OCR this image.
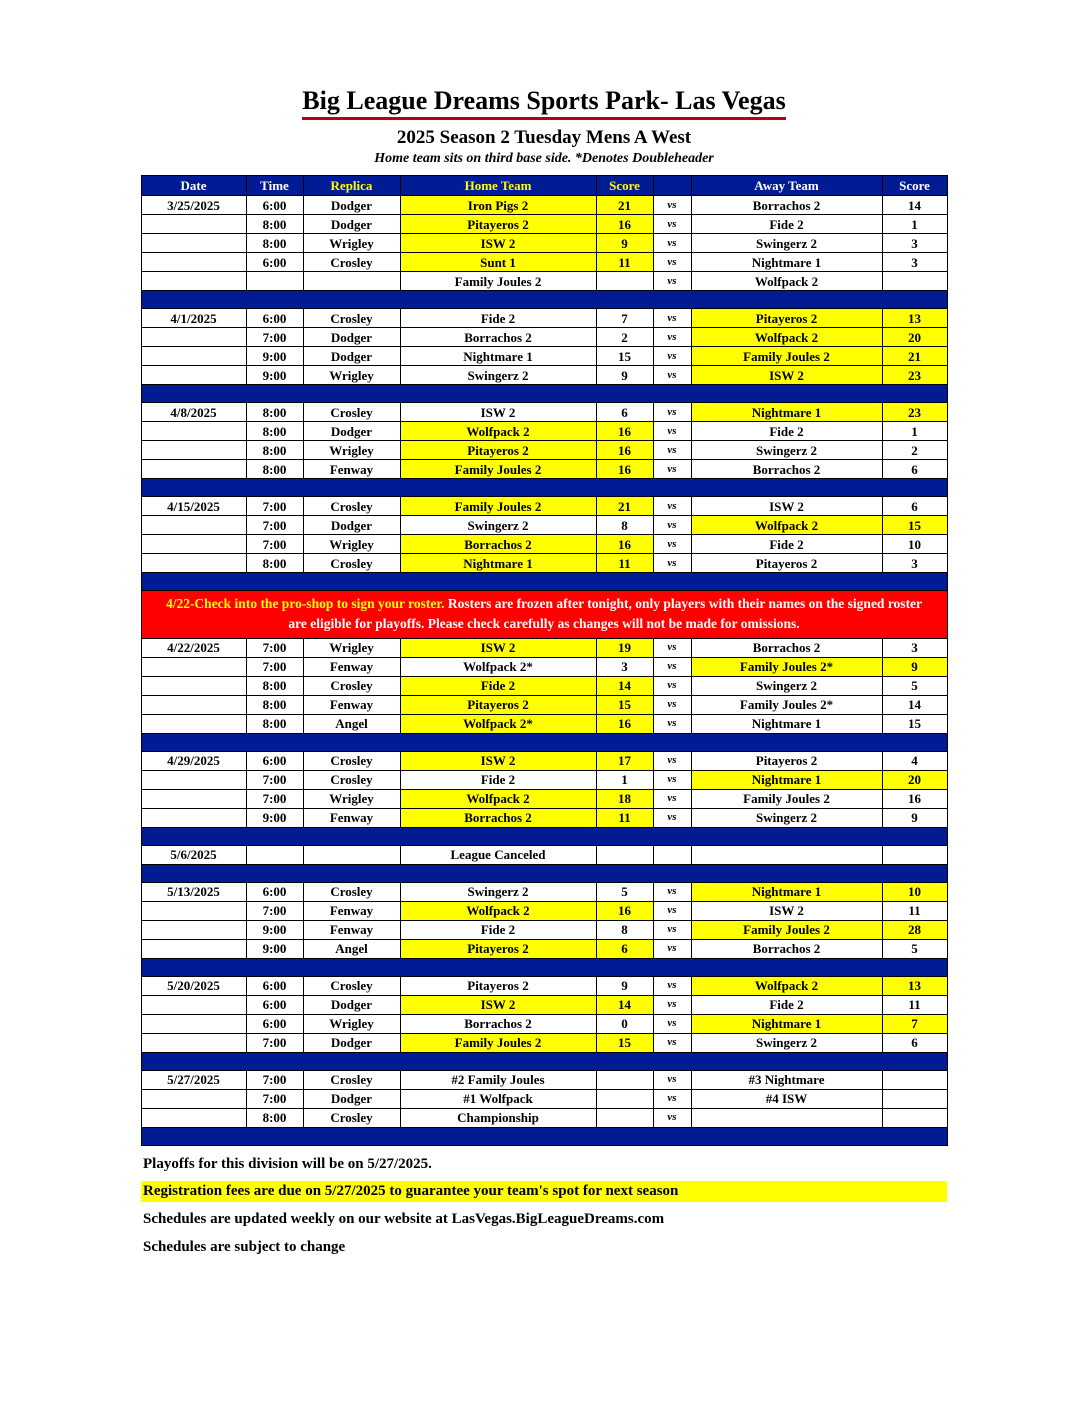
Big League Dreams Sports Park- Las Vegas
2025 Season 2 Tuesday Mens A West
Home team sits on third base side. *Denotes Doubleheader
Date	Time	Replica	Home Team	Score		Away Team	Score
3/25/2025	6:00	Dodger	Iron Pigs 2	21	vs	Borrachos 2	14
	8:00	Dodger	Pitayeros 2	16	vs	Fide 2	1
	8:00	Wrigley	ISW 2	9	vs	Swingerz 2	3
	6:00	Crosley	Sunt 1	11	vs	Nightmare 1	3
			Family Joules 2		vs	Wolfpack 2	

4/1/2025	6:00	Crosley	Fide 2	7	vs	Pitayeros 2	13
	7:00	Dodger	Borrachos 2	2	vs	Wolfpack 2	20
	9:00	Dodger	Nightmare 1	15	vs	Family Joules 2	21
	9:00	Wrigley	Swingerz 2	9	vs	ISW 2	23

4/8/2025	8:00	Crosley	ISW 2	6	vs	Nightmare 1	23
	8:00	Dodger	Wolfpack 2	16	vs	Fide 2	1
	8:00	Wrigley	Pitayeros 2	16	vs	Swingerz 2	2
	8:00	Fenway	Family Joules 2	16	vs	Borrachos 2	6

4/15/2025	7:00	Crosley	Family Joules 2	21	vs	ISW 2	6
	7:00	Dodger	Swingerz 2	8	vs	Wolfpack 2	15
	7:00	Wrigley	Borrachos 2	16	vs	Fide 2	10
	8:00	Crosley	Nightmare 1	11	vs	Pitayeros 2	3

4/22-Check into the pro-shop to sign your roster. Rosters are frozen after tonight, only players with their names on the signed roster are eligible for playoffs. Please check carefully as changes will not be made for omissions.							
4/22/2025	7:00	Wrigley	ISW 2	19	vs	Borrachos 2	3
	7:00	Fenway	Wolfpack 2*	3	vs	Family Joules 2*	9
	8:00	Crosley	Fide 2	14	vs	Swingerz 2	5
	8:00	Fenway	Pitayeros 2	15	vs	Family Joules 2*	14
	8:00	Angel	Wolfpack 2*	16	vs	Nightmare 1	15

4/29/2025	6:00	Crosley	ISW 2	17	vs	Pitayeros 2	4
	7:00	Crosley	Fide 2	1	vs	Nightmare 1	20
	7:00	Wrigley	Wolfpack 2	18	vs	Family Joules 2	16
	9:00	Fenway	Borrachos 2	11	vs	Swingerz 2	9

5/6/2025			League Canceled				

5/13/2025	6:00	Crosley	Swingerz 2	5	vs	Nightmare 1	10
	7:00	Fenway	Wolfpack 2	16	vs	ISW 2	11
	9:00	Fenway	Fide 2	8	vs	Family Joules 2	28
	9:00	Angel	Pitayeros 2	6	vs	Borrachos 2	5

5/20/2025	6:00	Crosley	Pitayeros 2	9	vs	Wolfpack 2	13
	6:00	Dodger	ISW 2	14	vs	Fide 2	11
	6:00	Wrigley	Borrachos 2	0	vs	Nightmare 1	7
	7:00	Dodger	Family Joules 2	15	vs	Swingerz 2	6

5/27/2025	7:00	Crosley	#2 Family Joules		vs	#3 Nightmare	
	7:00	Dodger	#1 Wolfpack		vs	#4 ISW	
	8:00	Crosley	Championship		vs		

Playoffs for this division will be on 5/27/2025.
Registration fees are due on 5/27/2025 to guarantee your team's spot for next season
Schedules are updated weekly on our website at LasVegas.BigLeagueDreams.com
Schedules are subject to change
